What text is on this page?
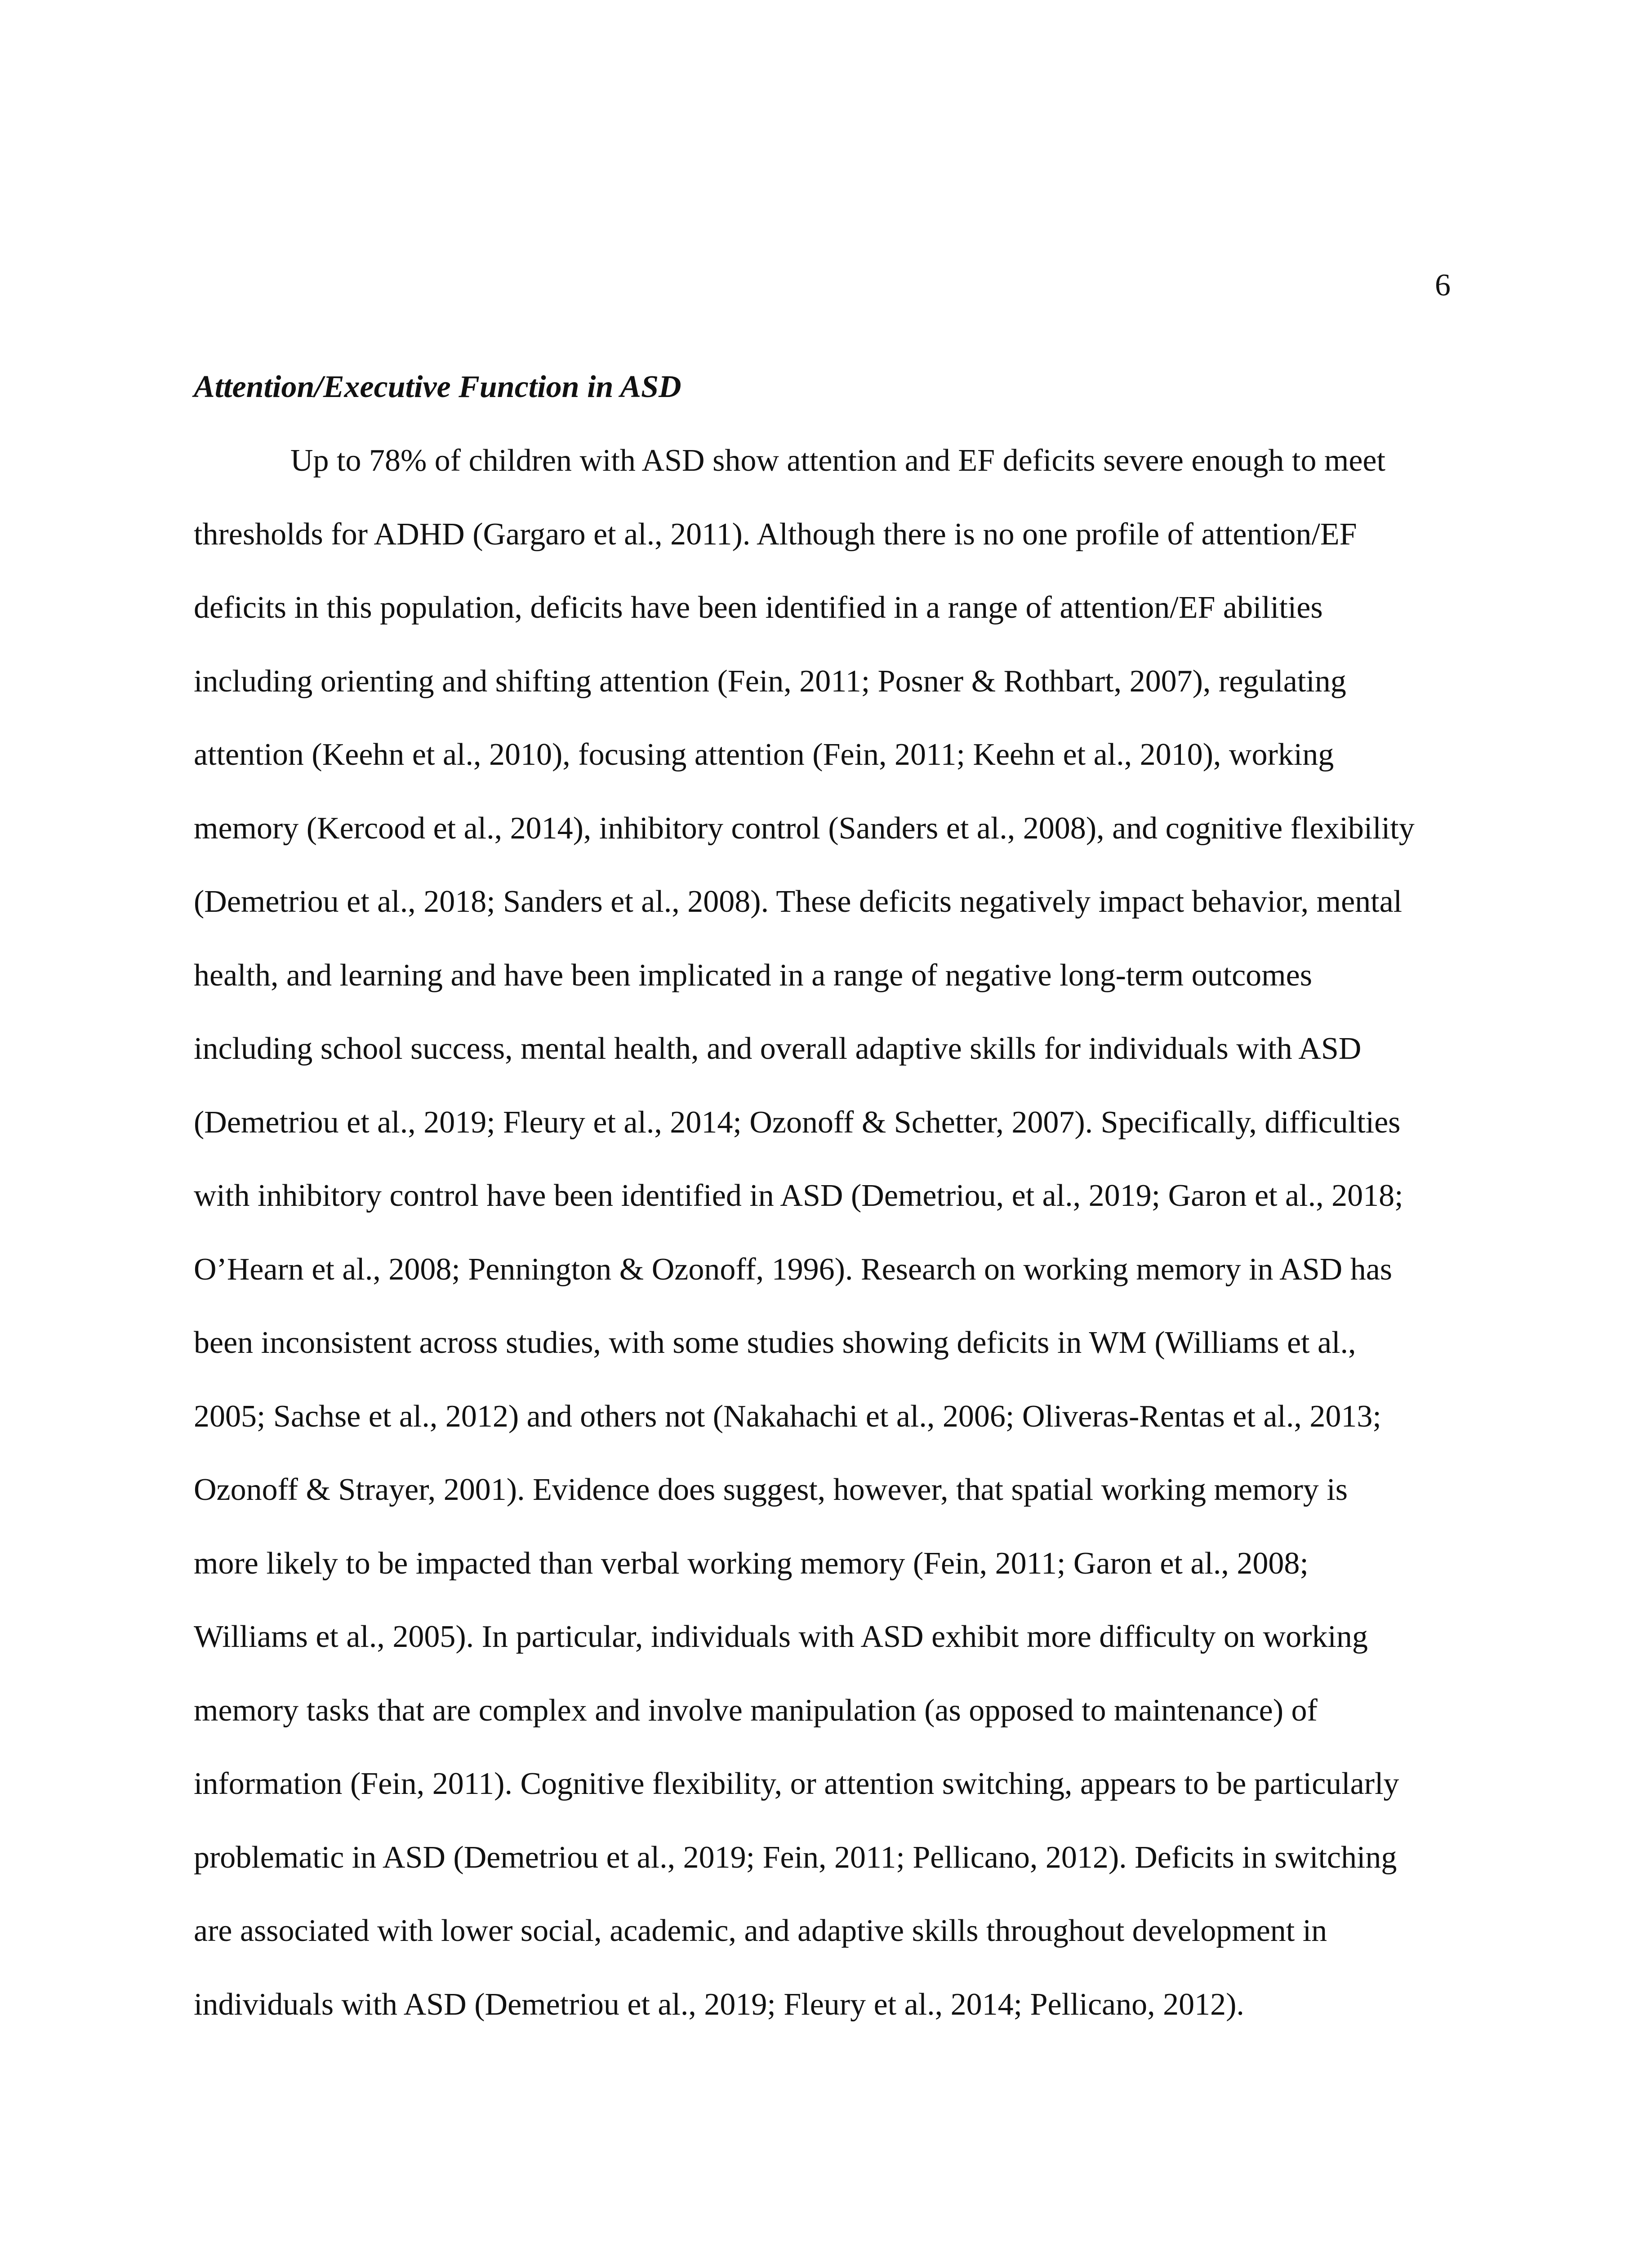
6
Attention/Executive Function in ASD
Up to 78% of children with ASD show attention and EF deficits severe enough to meet
thresholds for ADHD (Gargaro et al., 2011). Although there is no one profile of attention/EF
deficits in this population, deficits have been identified in a range of attention/EF abilities
including orienting and shifting attention (Fein, 2011; Posner & Rothbart, 2007), regulating
attention (Keehn et al., 2010), focusing attention (Fein, 2011; Keehn et al., 2010), working
memory (Kercood et al., 2014), inhibitory control (Sanders et al., 2008), and cognitive flexibility
(Demetriou et al., 2018; Sanders et al., 2008). These deficits negatively impact behavior, mental
health, and learning and have been implicated in a range of negative long-term outcomes
including school success, mental health, and overall adaptive skills for individuals with ASD
(Demetriou et al., 2019; Fleury et al., 2014; Ozonoff & Schetter, 2007). Specifically, difficulties
with inhibitory control have been identified in ASD (Demetriou, et al., 2019; Garon et al., 2018;
O’Hearn et al., 2008; Pennington & Ozonoff, 1996). Research on working memory in ASD has
been inconsistent across studies, with some studies showing deficits in WM (Williams et al.,
2005; Sachse et al., 2012) and others not (Nakahachi et al., 2006; Oliveras-Rentas et al., 2013;
Ozonoff & Strayer, 2001). Evidence does suggest, however, that spatial working memory is
more likely to be impacted than verbal working memory (Fein, 2011; Garon et al., 2008;
Williams et al., 2005). In particular, individuals with ASD exhibit more difficulty on working
memory tasks that are complex and involve manipulation (as opposed to maintenance) of
information (Fein, 2011). Cognitive flexibility, or attention switching, appears to be particularly
problematic in ASD (Demetriou et al., 2019; Fein, 2011; Pellicano, 2012). Deficits in switching
are associated with lower social, academic, and adaptive skills throughout development in
individuals with ASD (Demetriou et al., 2019; Fleury et al., 2014; Pellicano, 2012).
